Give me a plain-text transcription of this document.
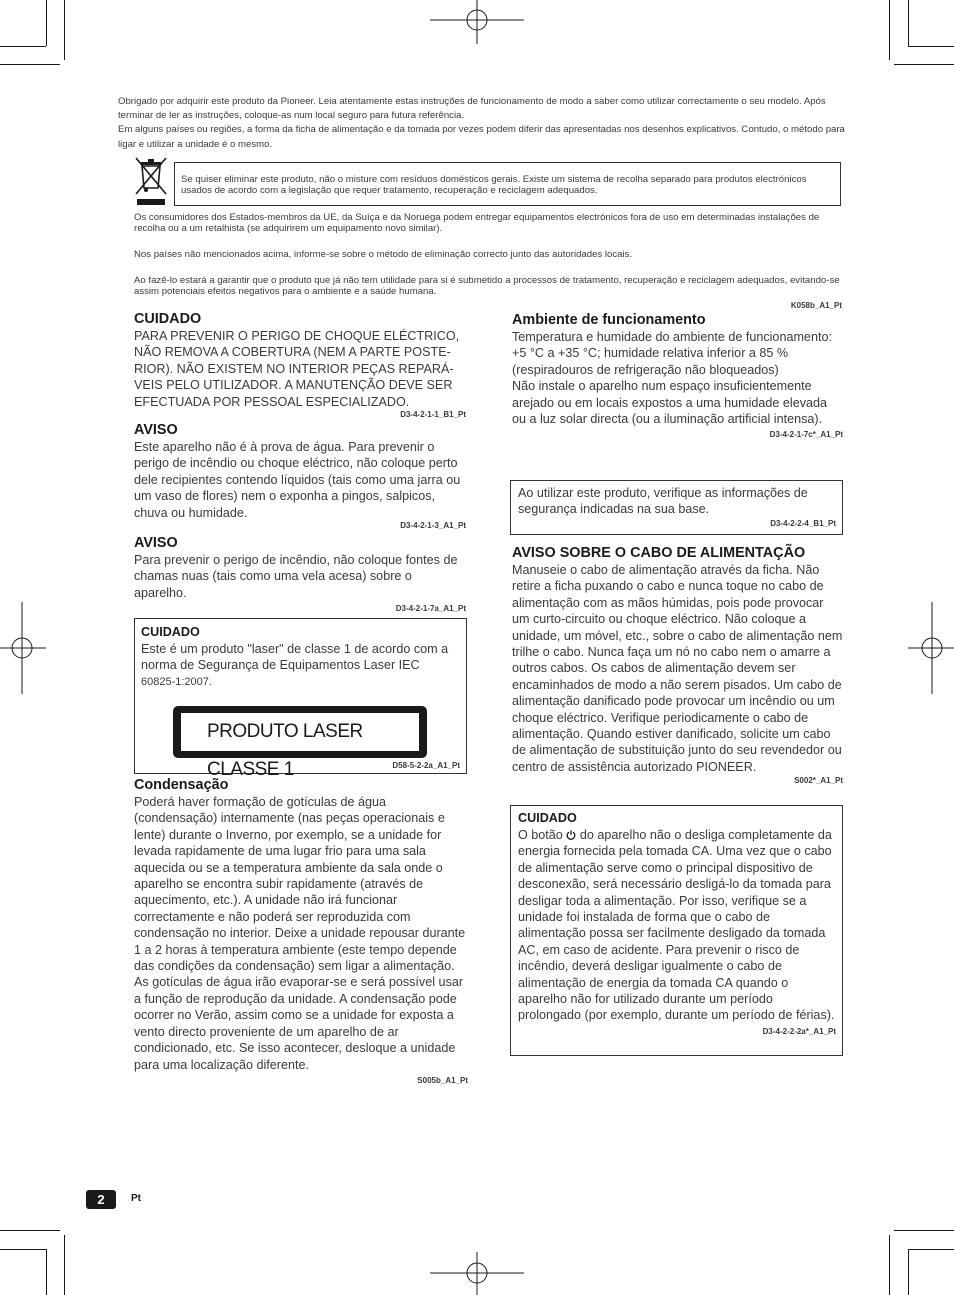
Obrigado por adquirir este produto da Pioneer. Leia atentamente estas instruções de funcionamento de modo a saber como utilizar correctamente o seu modelo. Após terminar de ler as instruções, coloque-as num local seguro para futura referência.

Em alguns países ou regiões, a forma da ficha de alimentação e da tomada por vezes podem diferir das apresentadas nos desenhos explicativos. Contudo, o método para ligar e utilizar a unidade é o mesmo.

Se quiser eliminar este produto, não o misture com resíduos domésticos gerais. Existe um sistema de recolha separado para produtos electrónicos usados de acordo com a legislação que requer tratamento, recuperação e reciclagem adequados.

Os consumidores dos Estados-membros da UE, da Suíça e da Noruega podem entregar equipamentos electrónicos fora de uso em determinadas instalações de recolha ou a um retalhista (se adquirirem um equipamento novo similar).

Nos países não mencionados acima, informe-se sobre o método de eliminação correcto junto das autoridades locais.

Ao fazê-lo estará a garantir que o produto que já não tem utilidade para si é submetido a processos de tratamento, recuperação e reciclagem adequados, evitando-se assim potenciais efeitos negativos para o ambiente e a saúde humana.

K058b_A1_Pt
CUIDADO

PARA PREVENIR O PERIGO DE CHOQUE ELÉCTRICO, NÃO REMOVA A COBERTURA (NEM A PARTE POSTE-RIOR). NÃO EXISTEM NO INTERIOR PEÇAS REPARÁ-VEIS PELO UTILIZADOR. A MANUTENÇÃO DEVE SER EFECTUADA POR PESSOAL ESPECIALIZADO.

D3-4-2-1-1_B1_Pt
AVISO

Este aparelho não é à prova de água. Para prevenir o perigo de incêndio ou choque eléctrico, não coloque perto dele recipientes contendo líquidos (tais como uma jarra ou um vaso de flores) nem o exponha a pingos, salpicos, chuva ou humidade.

D3-4-2-1-3_A1_Pt
AVISO

Para prevenir o perigo de incêndio, não coloque fontes de chamas nuas (tais como uma vela acesa) sobre o aparelho.

D3-4-2-1-7a_A1_Pt
CUIDADO

Este é um produto "laser" de classe 1 de acordo com a norma de Segurança de Equipamentos Laser IEC

60825-1:2007.

PRODUTO LASER CLASSE 1	D58-5-2-2a_A1_Pt
Condensação

Poderá haver formação de gotículas de água (condensação) internamente (nas peças operacionais e lente) durante o Inverno, por exemplo, se a unidade for levada rapidamente de uma lugar frio para uma sala aquecida ou se a temperatura ambiente da sala onde o aparelho se encontra subir rapidamente (através de aquecimento, etc.). A unidade não irá funcionar correctamente e não poderá ser reproduzida com condensação no interior. Deixe a unidade repousar durante 1 a 2 horas à temperatura ambiente (este tempo depende das condições da condensação) sem ligar a alimentação. As gotículas de água irão evaporar-se e será possível usar a função de reprodução da unidade. A condensação pode ocorrer no Verão, assim como se a unidade for exposta a vento directo proveniente de um aparelho de ar condicionado, etc. Se isso acontecer, desloque a unidade para uma localização diferente.

S005b_A1_Pt
Ambiente de funcionamento

Temperatura e humidade do ambiente de funcionamento:

+5 °C a +35 °C; humidade relativa inferior a 85 % (respiradouros de refrigeração não bloqueados)

Não instale o aparelho num espaço insuficientemente arejado ou em locais expostos a uma humidade elevada ou a luz solar directa (ou a iluminação artificial intensa).

D3-4-2-1-7c*_A1_Pt

Ao utilizar este produto, verifique as informações de segurança indicadas na sua base.

D3-4-2-2-4_B1_Pt
AVISO SOBRE O CABO DE ALIMENTAÇÃO

Manuseie o cabo de alimentação através da ficha. Não retire a ficha puxando o cabo e nunca toque no cabo de alimentação com as mãos húmidas, pois pode provocar um curto-circuito ou choque eléctrico. Não coloque a unidade, um móvel, etc., sobre o cabo de alimentação nem trilhe o cabo. Nunca faça um nó no cabo nem o amarre a outros cabos. Os cabos de alimentação devem ser encaminhados de modo a não serem pisados. Um cabo de alimentação danificado pode provocar um incêndio ou um choque eléctrico. Verifique periodicamente o cabo de alimentação. Quando estiver danificado, solicite um cabo de alimentação de substituição junto do seu revendedor ou centro de assistência autorizado PIONEER.

S002*_A1_Pt
CUIDADO

O botão do aparelho não o desliga completamente da energia fornecida pela tomada CA. Uma vez que o cabo de alimentação serve como o principal dispositivo de desconexão, será necessário desligá-lo da tomada para desligar toda a alimentação. Por isso, verifique se a unidade foi instalada de forma que o cabo de alimentação possa ser facilmente desligado da tomada AC, em caso de acidente. Para prevenir o risco de incêndio, deverá desligar igualmente o cabo de alimentação de energia da tomada CA quando o aparelho não for utilizado durante um período prolongado (por exemplo, durante um período de férias).

D3-4-2-2-2a*_A1_Pt
2	Pt
